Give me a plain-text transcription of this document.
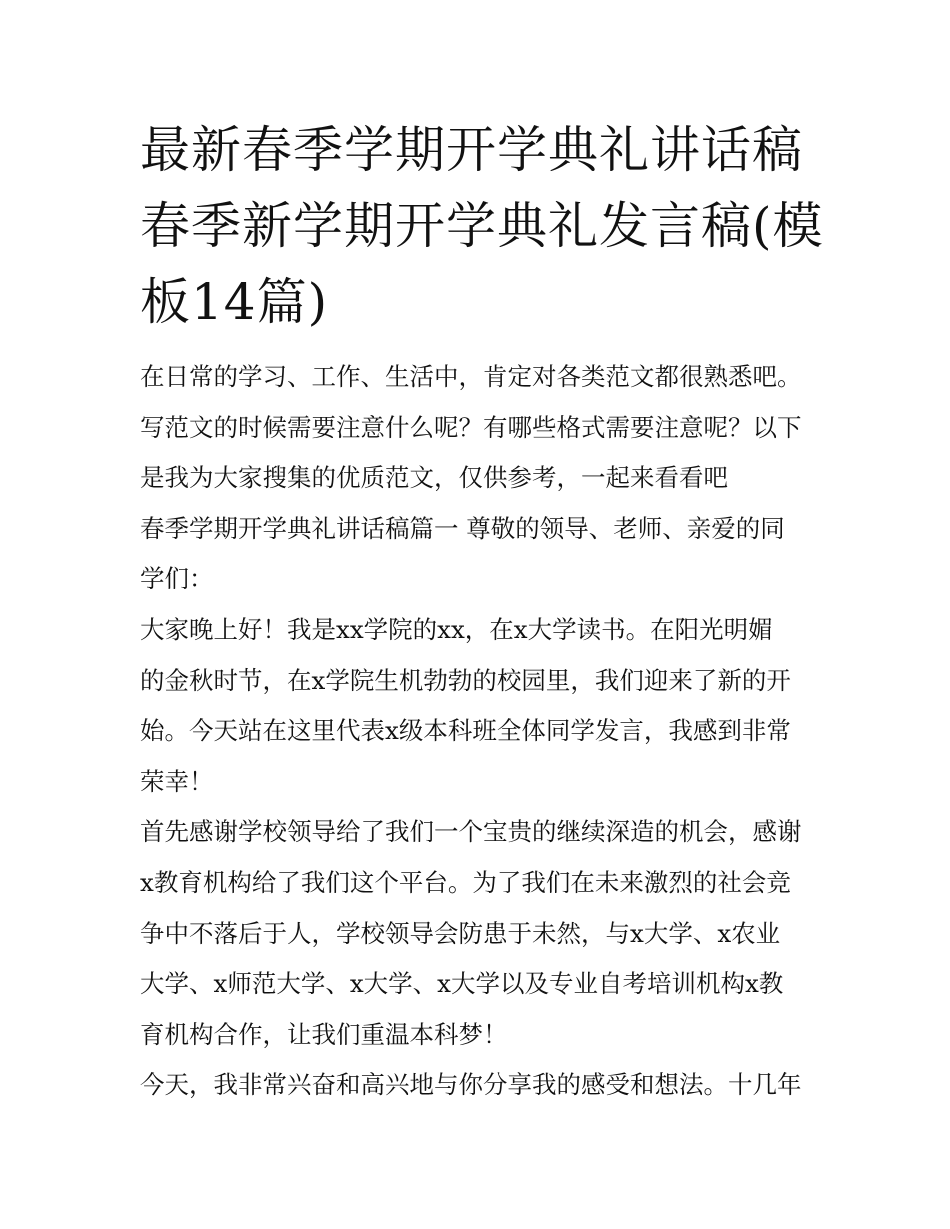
最新春季学期开学典礼讲话稿
春季新学期开学典礼发言稿(模
板14篇)

在日常的学习、工作、生活中，肯定对各类范文都很熟悉吧。
写范文的时候需要注意什么呢？有哪些格式需要注意呢？以下
是我为大家搜集的优质范文，仅供参考，一起来看看吧

春季学期开学典礼讲话稿篇一 尊敬的领导、老师、亲爱的同
学们：

大家晚上好！我是xx学院的xx，在x大学读书。在阳光明媚
的金秋时节，在x学院生机勃勃的校园里，我们迎来了新的开
始。今天站在这里代表x级本科班全体同学发言，我感到非常
荣幸！

首先感谢学校领导给了我们一个宝贵的继续深造的机会，感谢
x教育机构给了我们这个平台。为了我们在未来激烈的社会竞
争中不落后于人，学校领导会防患于未然，与x大学、x农业
大学、x师范大学、x大学、x大学以及专业自考培训机构x教
育机构合作，让我们重温本科梦！

今天，我非常兴奋和高兴地与你分享我的感受和想法。十几年
